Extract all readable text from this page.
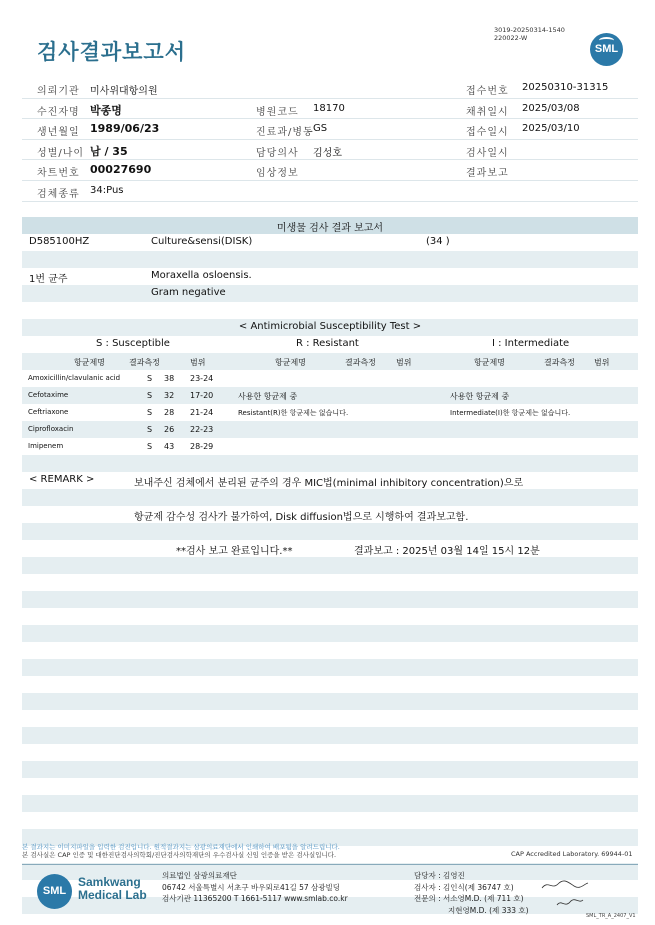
3019-20250314-1540
220022-W
검사결과보고서	SML
의뢰기관 미사위대항의원	접수번호 20250310-31315
수진자명 박종명	병원코드 18170	채취일시 2025/03/08
생년월일 1989/06/23	진료과/병동 GS	접수일시 2025/03/10
성별/나이 남 / 35	담당의사 김성호	검사일시
차트번호 00027690	임상정보	결과보고
검체종류 34:Pus
미생물 검사 결과 보고서
D585100HZ	Culture&sensi(DISK)	(34 )
1번 균주	Moraxella osloensis.
Gram negative
< Antimicrobial Susceptibility Test >
S : Susceptible	R : Resistant	I : Intermediate
항균제명	결과측정	범위	항균제명	결과측정	범위	항균제명	결과측정 범위
Amoxicillin/clavulanic acid	S 38 23-24
Cefotaxime	S 32 17-20	사용한 항균제 중	사용한 항균제 중
Ceftriaxone	S 28 21-24	Resistant(R)한 항균제는 없습니다.	Intermediate(I)한 항균제는 없습니다.
Ciprofloxacin	S 26 22-23
Imipenem	S 43 28-29
< REMARK >	보내주신 검체에서 분리된 균주의 경우 MIC법(minimal inhibitory concentration)으로
항균제 감수성 검사가 불가하여, Disk diffusion법으로 시행하여 결과보고함.
**검사 보고 완료입니다.**	결과보고 : 2025년 03월 14일 15시 12분
본 결과지는 이미지파일을 입력한 검진입니다. 원적결과지는 삼광의료재단에서 인쇄하여 배포됨을 알려드립니다.
본 검사실은 CAP 인증 및 대한진단검사의학회/진단검사의학재단의 우수검사실 신임 인증을 받은 검사실입니다.	CAP Accredited Laboratory. 69944-01
SML
Samkwang
Medical Lab
의료법인 삼광의료재단
06742 서울특별시 서초구 바우뫼로41길 57 삼광빌딩
검사기관 11365200 T 1661-5117 www.smlab.co.kr
담당자 : 김영진
검사자 : 김인식(제 36747 호)
전문의 : 서소영M.D. (제 711 호)
지현영M.D. (제 333 호)
SML_TR_A_2407_V1
